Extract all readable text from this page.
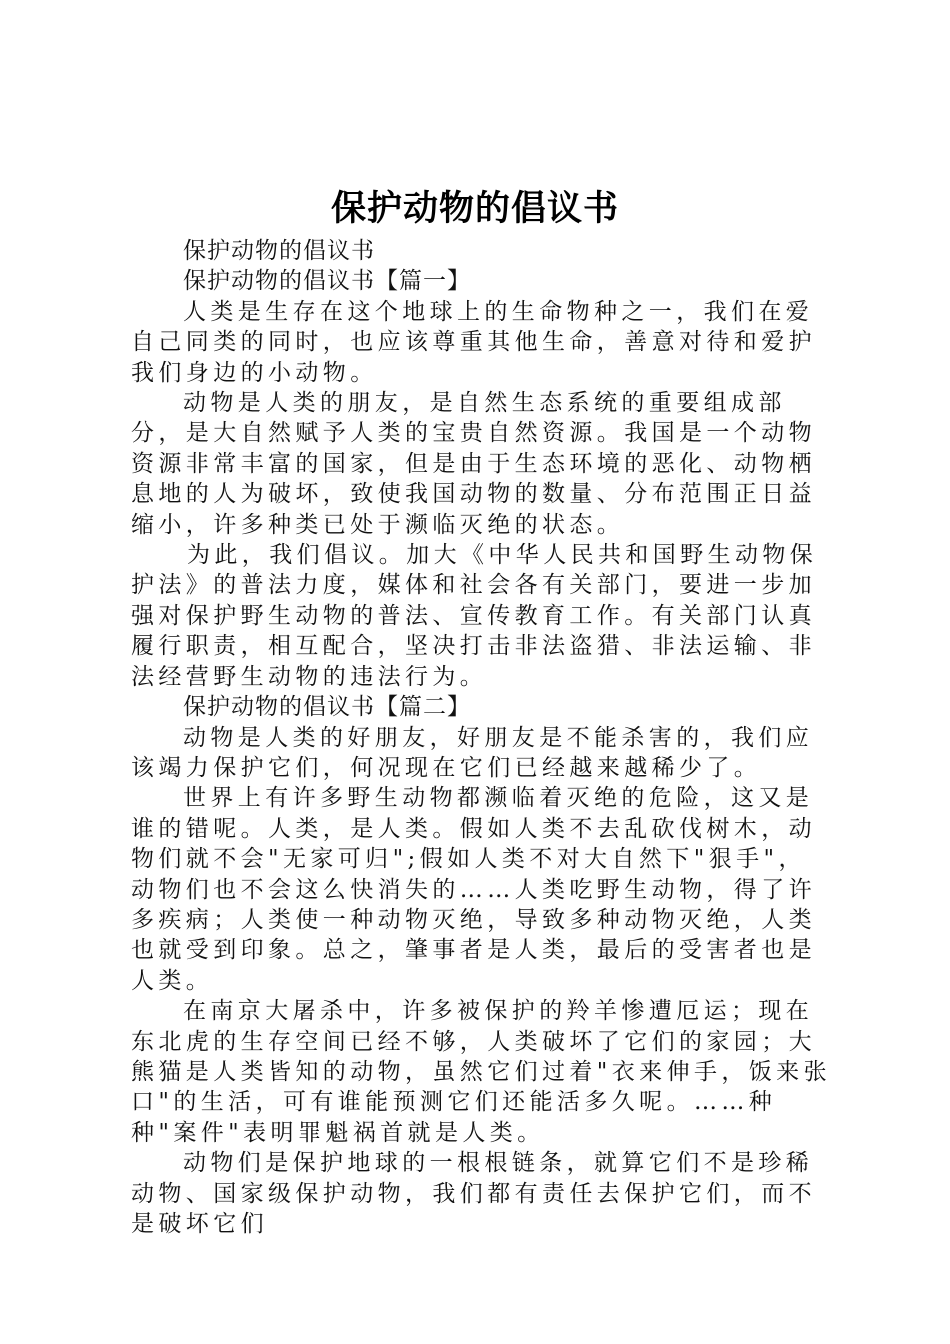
保护动物的倡议书

保护动物的倡议书

保护动物的倡议书【篇一】

人类是生存在这个地球上的生命物种之一，我们在爱自己同类的同时，也应该尊重其他生命，善意对待和爱护我们身边的小动物。

动物是人类的朋友，是自然生态系统的重要组成部分，是大自然赋予人类的宝贵自然资源。我国是一个动物资源非常丰富的国家，但是由于生态环境的恶化、动物栖息地的人为破坏，致使我国动物的数量、分布范围正日益缩小，许多种类已处于濒临灭绝的状态。

为此，我们倡议。加大《中华人民共和国野生动物保护法》的普法力度，媒体和社会各有关部门，要进一步加强对保护野生动物的普法、宣传教育工作。有关部门认真履行职责，相互配合，坚决打击非法盗猎、非法运输、非法经营野生动物的违法行为。

保护动物的倡议书【篇二】

动物是人类的好朋友，好朋友是不能杀害的，我们应该竭力保护它们，何况现在它们已经越来越稀少了。

世界上有许多野生动物都濒临着灭绝的危险，这又是谁的错呢。人类，是人类。假如人类不去乱砍伐树木，动物们就不会"无家可归";假如人类不对大自然下"狠手"，动物们也不会这么快消失的……人类吃野生动物，得了许多疾病；人类使一种动物灭绝，导致多种动物灭绝，人类也就受到印象。总之，肇事者是人类，最后的受害者也是人类。

在南京大屠杀中，许多被保护的羚羊惨遭厄运；现在东北虎的生存空间已经不够，人类破坏了它们的家园；大熊猫是人类皆知的动物，虽然它们过着"衣来伸手，饭来张口"的生活，可有谁能预测它们还能活多久呢。……种种"案件"表明罪魁祸首就是人类。

动物们是保护地球的一根根链条，就算它们不是珍稀动物、国家级保护动物，我们都有责任去保护它们，而不是破坏它们
